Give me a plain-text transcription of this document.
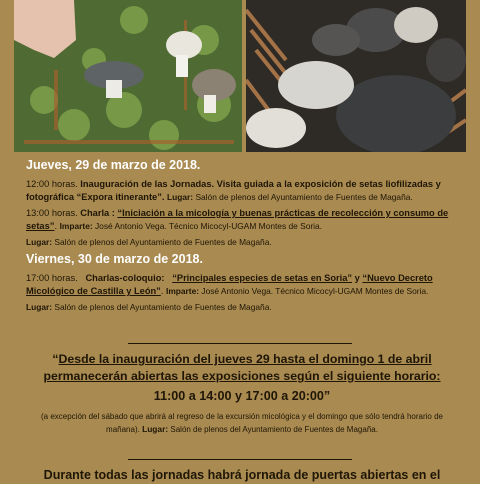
Jueves, 29 de marzo de 2018.
12:00 horas. Inauguración de las Jornadas. Visita guiada a la exposición de setas liofilizadas y fotográfica “Expora itinerante”. Lugar: Salón de plenos del Ayuntamiento de Fuentes de Magaña.
13:00 horas. Charla : “Iniciación a la micología y buenas prácticas de recolección y consumo de setas”. Imparte: José Antonio Vega. Técnico Micocyl-UGAM Montes de Soria.
Lugar: Salón de plenos del Ayuntamiento de Fuentes de Magaña.
Viernes, 30 de marzo de 2018.
17:00 horas. Charlas-coloquio: “Principales especies de setas en Soria” y “Nuevo Decreto Micológico de Castilla y León”. Imparte: José Antonio Vega. Técnico Micocyl-UGAM Montes de Soria.
Lugar: Salón de plenos del Ayuntamiento de Fuentes de Magaña.
“Desde la inauguración del jueves 29 hasta el domingo 1 de abril permanecerán abiertas las exposiciones según el siguiente horario:
11:00 a 14:00 y 17:00 a 20:00”
(a excepción del sábado que abrirá al regreso de la excursión micológica y el domingo que sólo tendrá horario de mañana). Lugar: Salón de plenos del Ayuntamiento de Fuentes de Magaña.
Durante todas las jornadas habrá jornada de puertas abiertas en el
